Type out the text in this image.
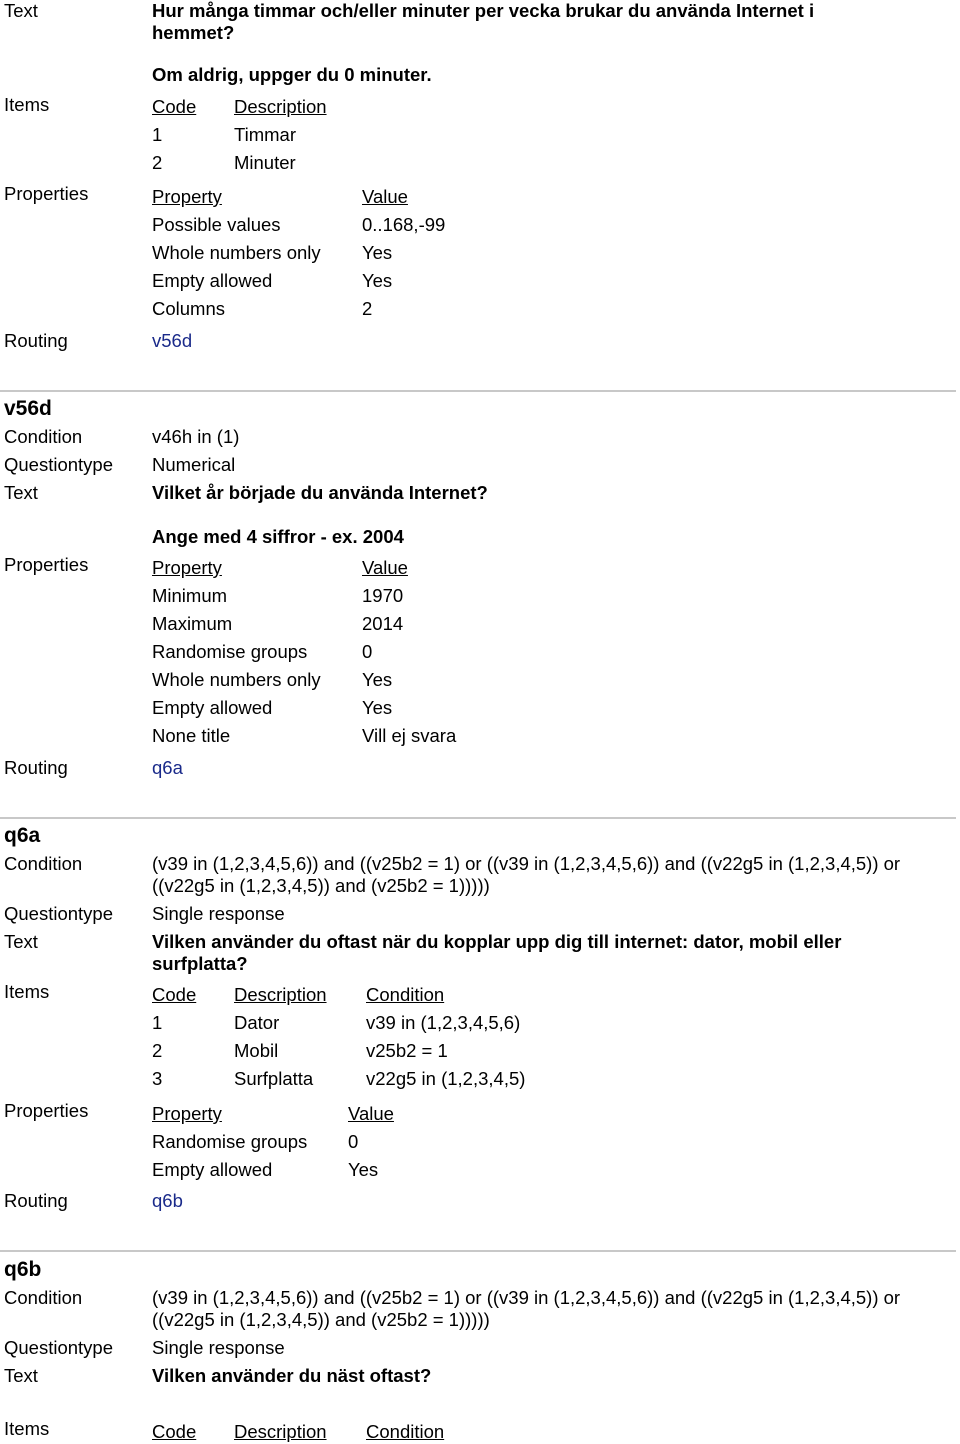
Text	Hur många timmar och/eller minuter per vecka brukar du använda Internet i hemmet?
Om aldrig, uppger du 0 minuter.
Items	Code Description
1	Timmar
2	Minuter
Properties	Property	Value
Possible values	0..168,-99
Whole numbers only Yes
Empty allowed	Yes
Columns	2
Routing	v56d
v56d
Condition	v46h in (1)
Questiontype Numerical
Text	Vilket år började du använda Internet?
Ange med 4 siffror - ex. 2004
Properties	Property	Value
Minimum	1970
Maximum	2014
Randomise groups	0
Whole numbers only Yes
Empty allowed	Yes
None title	Vill ej svara
Routing	q6a
q6a
Condition	(v39 in (1,2,3,4,5,6)) and ((v25b2 = 1) or ((v39 in (1,2,3,4,5,6)) and ((v22g5 in (1,2,3,4,5)) or ((v22g5 in (1,2,3,4,5)) and (v25b2 = 1)))))
Questiontype Single response
Text	Vilken använder du oftast när du kopplar upp dig till internet: dator, mobil eller surfplatta?
Items	Code Description Condition
1	Dator	v39 in (1,2,3,4,5,6)
2	Mobil	v25b2 = 1
3	Surfplatta	v22g5 in (1,2,3,4,5)
Properties	Property	Value
Randomise groups 0
Empty allowed	Yes
Routing	q6b
q6b
Condition	(v39 in (1,2,3,4,5,6)) and ((v25b2 = 1) or ((v39 in (1,2,3,4,5,6)) and ((v22g5 in (1,2,3,4,5)) or ((v22g5 in (1,2,3,4,5)) and (v25b2 = 1)))))
Questiontype Single response
Text	Vilken använder du näst oftast?
Items	Code Description Condition
